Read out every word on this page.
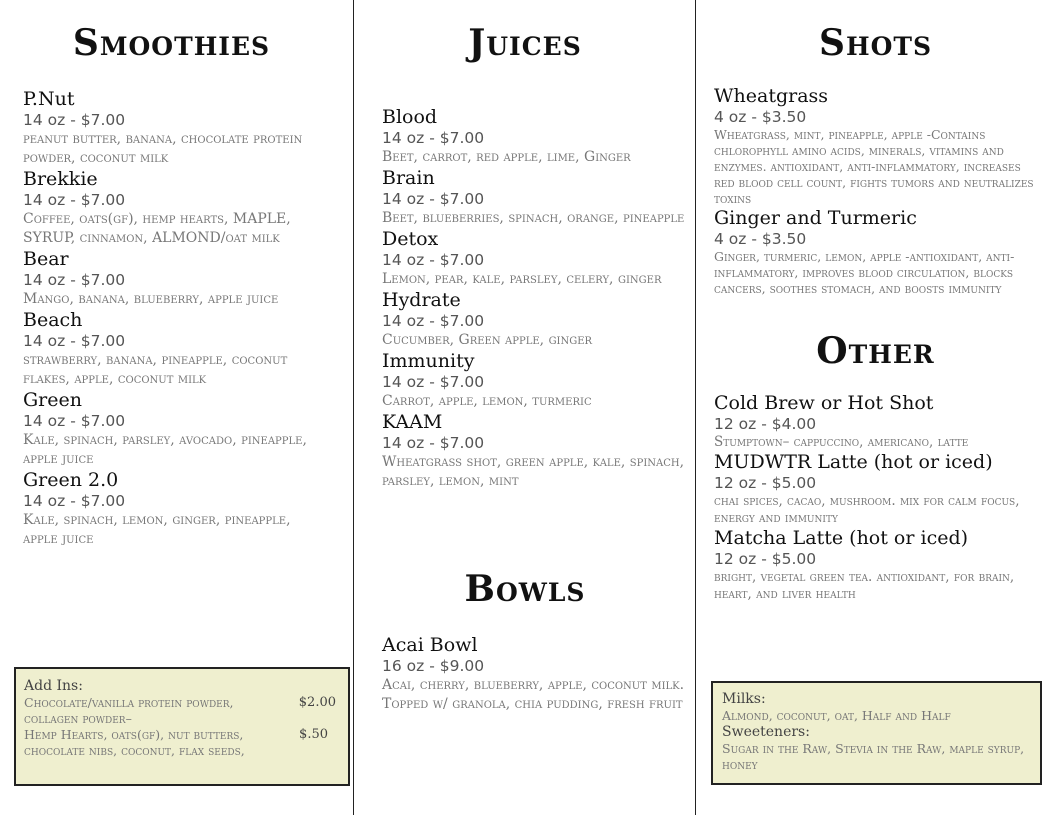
Smoothies
P.Nut
14 oz - $7.00
peanut butter, banana, chocolate protein powder, coconut milk
Brekkie
14 oz - $7.00
Coffee, oats(gf), hemp hearts, MAPLE, SYRUP, cinnamon, ALMOND/oat milk
Bear
14 oz - $7.00
Mango, banana, blueberry, apple juice
Beach
14 oz - $7.00
strawberry, banana, pineapple, coconut flakes, apple, coconut milk
Green
14 oz - $7.00
Kale, spinach, parsley, avocado, pineapple, apple juice
Green 2.0
14 oz - $7.00
Kale, spinach, lemon, ginger, pineapple, apple juice
Add Ins:
Chocolate/vanilla protein powder,	$2.00
collagen powder–
Hemp Hearts, oats(gf), nut butters,	$.50
chocolate nibs, coconut, flax seeds,
Juices
Blood
14 oz - $7.00
Beet, carrot, red apple, lime, Ginger
Brain
14 oz - $7.00
Beet, blueberries, spinach, orange, pineapple
Detox
14 oz - $7.00
Lemon, pear, kale, parsley, celery, ginger
Hydrate
14 oz - $7.00
Cucumber, Green apple, ginger
Immunity
14 oz - $7.00
Carrot, apple, lemon, turmeric
KAAM
14 oz - $7.00
Wheatgrass shot, green apple, kale, spinach, parsley, lemon, mint
Bowls
Acai Bowl
16 oz - $9.00
Acai, cherry, blueberry, apple, coconut milk. Topped w/ granola, chia pudding, fresh fruit
Shots
Wheatgrass
4 oz - $3.50
Wheatgrass, mint, pineapple, apple -Contains chlorophyll amino acids, minerals, vitamins and enzymes. antioxidant, anti-inflammatory, increases red blood cell count, fights tumors and neutralizes toxins
Ginger and Turmeric
4 oz - $3.50
Ginger, turmeric, lemon, apple -antioxidant, anti-inflammatory, improves blood circulation, blocks cancers, soothes stomach, and boosts immunity
Other
Cold Brew or Hot Shot
12 oz - $4.00
Stumptown– cappuccino, americano, latte
MUDWTR Latte (hot or iced)
12 oz - $5.00
chai spices, cacao, mushroom. mix for calm focus, energy and immunity
Matcha Latte (hot or iced)
12 oz - $5.00
bright, vegetal green tea. antioxidant, for brain, heart, and liver health
Milks:
Almond, coconut, oat, Half and Half
Sweeteners:
Sugar in the Raw, Stevia in the Raw, maple syrup, honey
